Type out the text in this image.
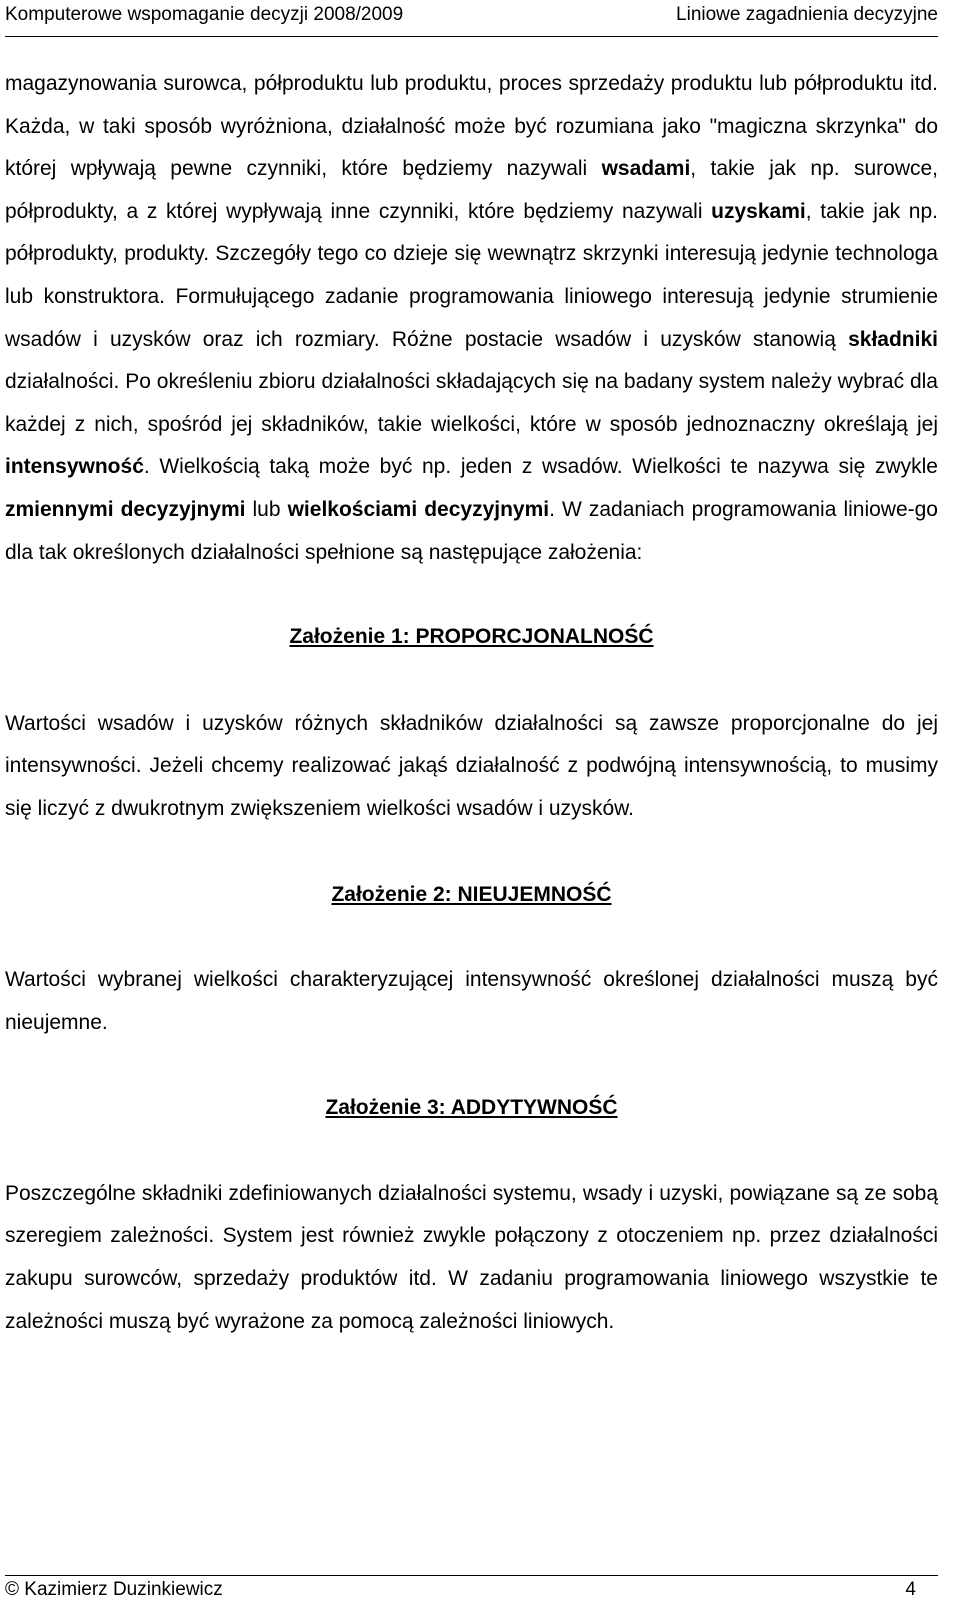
Komputerowe wspomaganie decyzji 2008/2009	Liniowe zagadnienia decyzyjne

magazynowania surowca, półproduktu lub produktu, proces sprzedaży produktu lub półproduktu itd. Każda, w taki sposób wyróżniona, działalność może być rozumiana jako "magiczna skrzynka" do której wpływają pewne czynniki, które będziemy nazywali wsadami, takie jak np. surowce, półprodukty, a z której wypływają inne czynniki, które będziemy nazywali uzyskami, takie jak np. półprodukty, produkty. Szczegóły tego co dzieje się wewnątrz skrzynki interesują jedynie technologa lub konstruktora. Formułującego zadanie programowania liniowego interesują jedynie strumienie wsadów i uzysków oraz ich rozmiary. Różne postacie wsadów i uzysków stanowią składniki działalności. Po określeniu zbioru działalności składających się na badany system należy wybrać dla każdej z nich, spośród jej składników, takie wielkości, które w sposób jednoznaczny określają jej intensywność. Wielkością taką może być np. jeden z wsadów. Wielkości te nazywa się zwykle zmiennymi decyzyjnymi lub wielkościami decyzyjnymi. W zadaniach programowania liniowe-go dla tak określonych działalności spełnione są następujące założenia:

Założenie 1: PROPORCJONALNOŚĆ

Wartości wsadów i uzysków różnych składników działalności są zawsze proporcjonalne do jej intensywności. Jeżeli chcemy realizować jakąś działalność z podwójną intensywnością, to musimy się liczyć z dwukrotnym zwiększeniem wielkości wsadów i uzysków.

Założenie 2: NIEUJEMNOŚĆ

Wartości wybranej wielkości charakteryzującej intensywność określonej działalności muszą być nieujemne.

Założenie 3: ADDYTYWNOŚĆ

Poszczególne składniki zdefiniowanych działalności systemu, wsady i uzyski, powiązane są ze sobą szeregiem zależności. System jest również zwykle połączony z otoczeniem np. przez działalności zakupu surowców, sprzedaży produktów itd. W zadaniu programowania liniowego wszystkie te zależności muszą być wyrażone za pomocą zależności liniowych.

© Kazimierz Duzinkiewicz	4
